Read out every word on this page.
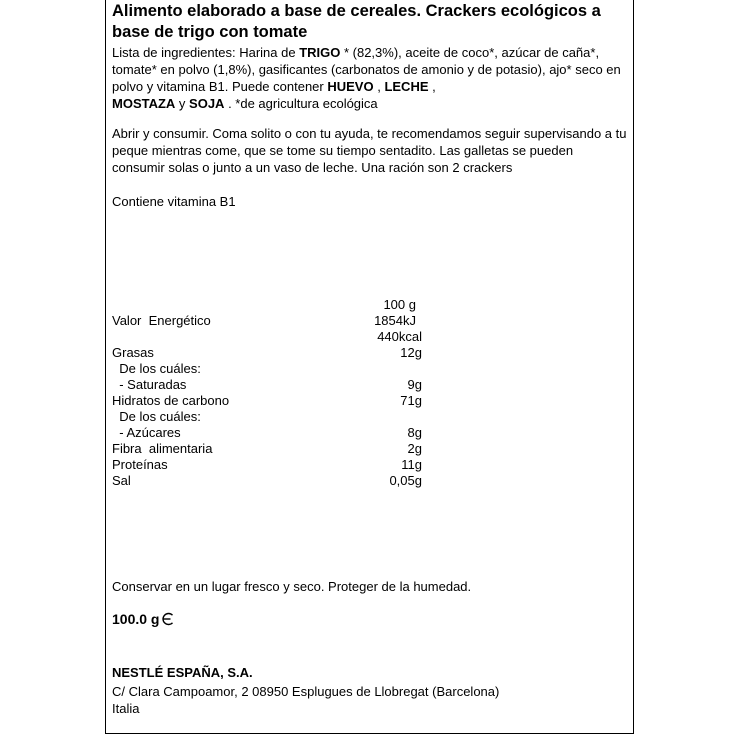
Alimento elaborado a base de cereales. Crackers ecológicos a base de trigo con tomate
Lista de ingredientes: Harina de TRIGO * (82,3%), aceite de coco*, azúcar de caña*, tomate* en polvo (1,8%), gasificantes (carbonatos de amonio y de potasio), ajo* seco en polvo y vitamina B1. Puede contener HUEVO , LECHE ,
MOSTAZA y SOJA . *de agricultura ecológica
Abrir y consumir. Coma solito o con tu ayuda, te recomendamos seguir supervisando a tu peque mientras come, que se tome su tiempo sentadito. Las galletas se pueden consumir solas o junto a un vaso de leche. Una ración son 2 crackers
Contiene vitamina B1
100 g
Valor  Energético	1854kJ
440kcal
Grasas	12g
De los cuáles:
- Saturadas	9g
Hidratos de carbono	71g
De los cuáles:
- Azúcares	8g
Fibra  alimentaria	2g
Proteínas	11g
Sal	0,05g
Conservar en un lugar fresco y seco. Proteger de la humedad.
100.0 g
NESTLÉ ESPAÑA, S.A.
C/ Clara Campoamor, 2 08950 Esplugues de Llobregat (Barcelona)
Italia
